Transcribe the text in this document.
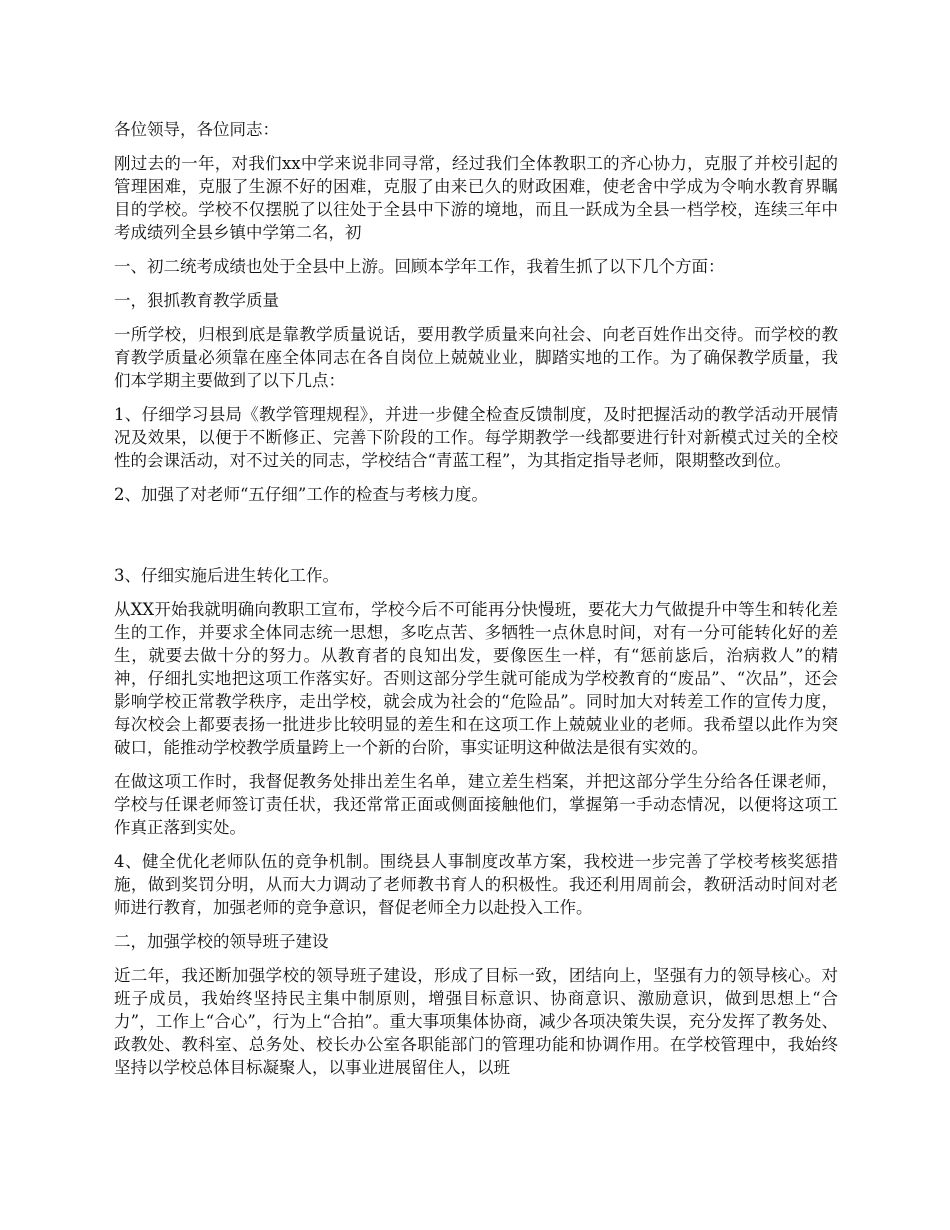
各位领导，各位同志：

刚过去的一年，对我们xx中学来说非同寻常，经过我们全体教职工的齐心协力，克服了并校引起的管理困难，克服了生源不好的困难，克服了由来已久的财政困难，使老舍中学成为令响水教育界瞩目的学校。学校不仅摆脱了以往处于全县中下游的境地，而且一跃成为全县一档学校，连续三年中考成绩列全县乡镇中学第二名，初

一、初二统考成绩也处于全县中上游。回顾本学年工作，我着生抓了以下几个方面：

一，狠抓教育教学质量

一所学校，归根到底是靠教学质量说话，要用教学质量来向社会、向老百姓作出交待。而学校的教育教学质量必须靠在座全体同志在各自岗位上兢兢业业，脚踏实地的工作。为了确保教学质量，我们本学期主要做到了以下几点：

1、仔细学习县局《教学管理规程》，并进一步健全检查反馈制度，及时把握活动的教学活动开展情况及效果，以便于不断修正、完善下阶段的工作。每学期教学一线都要进行针对新模式过关的全校性的会课活动，对不过关的同志，学校结合“青蓝工程”，为其指定指导老师，限期整改到位。

2、加强了对老师“五仔细”工作的检查与考核力度。

3、仔细实施后进生转化工作。

从XX开始我就明确向教职工宣布，学校今后不可能再分快慢班，要花大力气做提升中等生和转化差生的工作，并要求全体同志统一思想，多吃点苦、多牺牲一点休息时间，对有一分可能转化好的差生，就要去做十分的努力。从教育者的良知出发，要像医生一样，有“惩前毖后，治病救人”的精神，仔细扎实地把这项工作落实好。否则这部分学生就可能成为学校教育的“废品”、“次品”，还会影响学校正常教学秩序，走出学校，就会成为社会的“危险品”。同时加大对转差工作的宣传力度，每次校会上都要表扬一批进步比较明显的差生和在这项工作上兢兢业业的老师。我希望以此作为突破口，能推动学校教学质量跨上一个新的台阶，事实证明这种做法是很有实效的。

在做这项工作时，我督促教务处排出差生名单，建立差生档案，并把这部分学生分给各任课老师，学校与任课老师签订责任状，我还常常正面或侧面接触他们，掌握第一手动态情况，以便将这项工作真正落到实处。

4、健全优化老师队伍的竞争机制。围绕县人事制度改革方案，我校进一步完善了学校考核奖惩措施，做到奖罚分明，从而大力调动了老师教书育人的积极性。我还利用周前会，教研活动时间对老师进行教育，加强老师的竞争意识，督促老师全力以赴投入工作。

二，加强学校的领导班子建设

近二年，我还断加强学校的领导班子建设，形成了目标一致，团结向上，坚强有力的领导核心。对班子成员，我始终坚持民主集中制原则，增强目标意识、协商意识、激励意识，做到思想上“合力”，工作上“合心”，行为上“合拍”。重大事项集体协商，减少各项决策失误，充分发挥了教务处、政教处、教科室、总务处、校长办公室各职能部门的管理功能和协调作用。在学校管理中，我始终坚持以学校总体目标凝聚人，以事业进展留住人，以班
